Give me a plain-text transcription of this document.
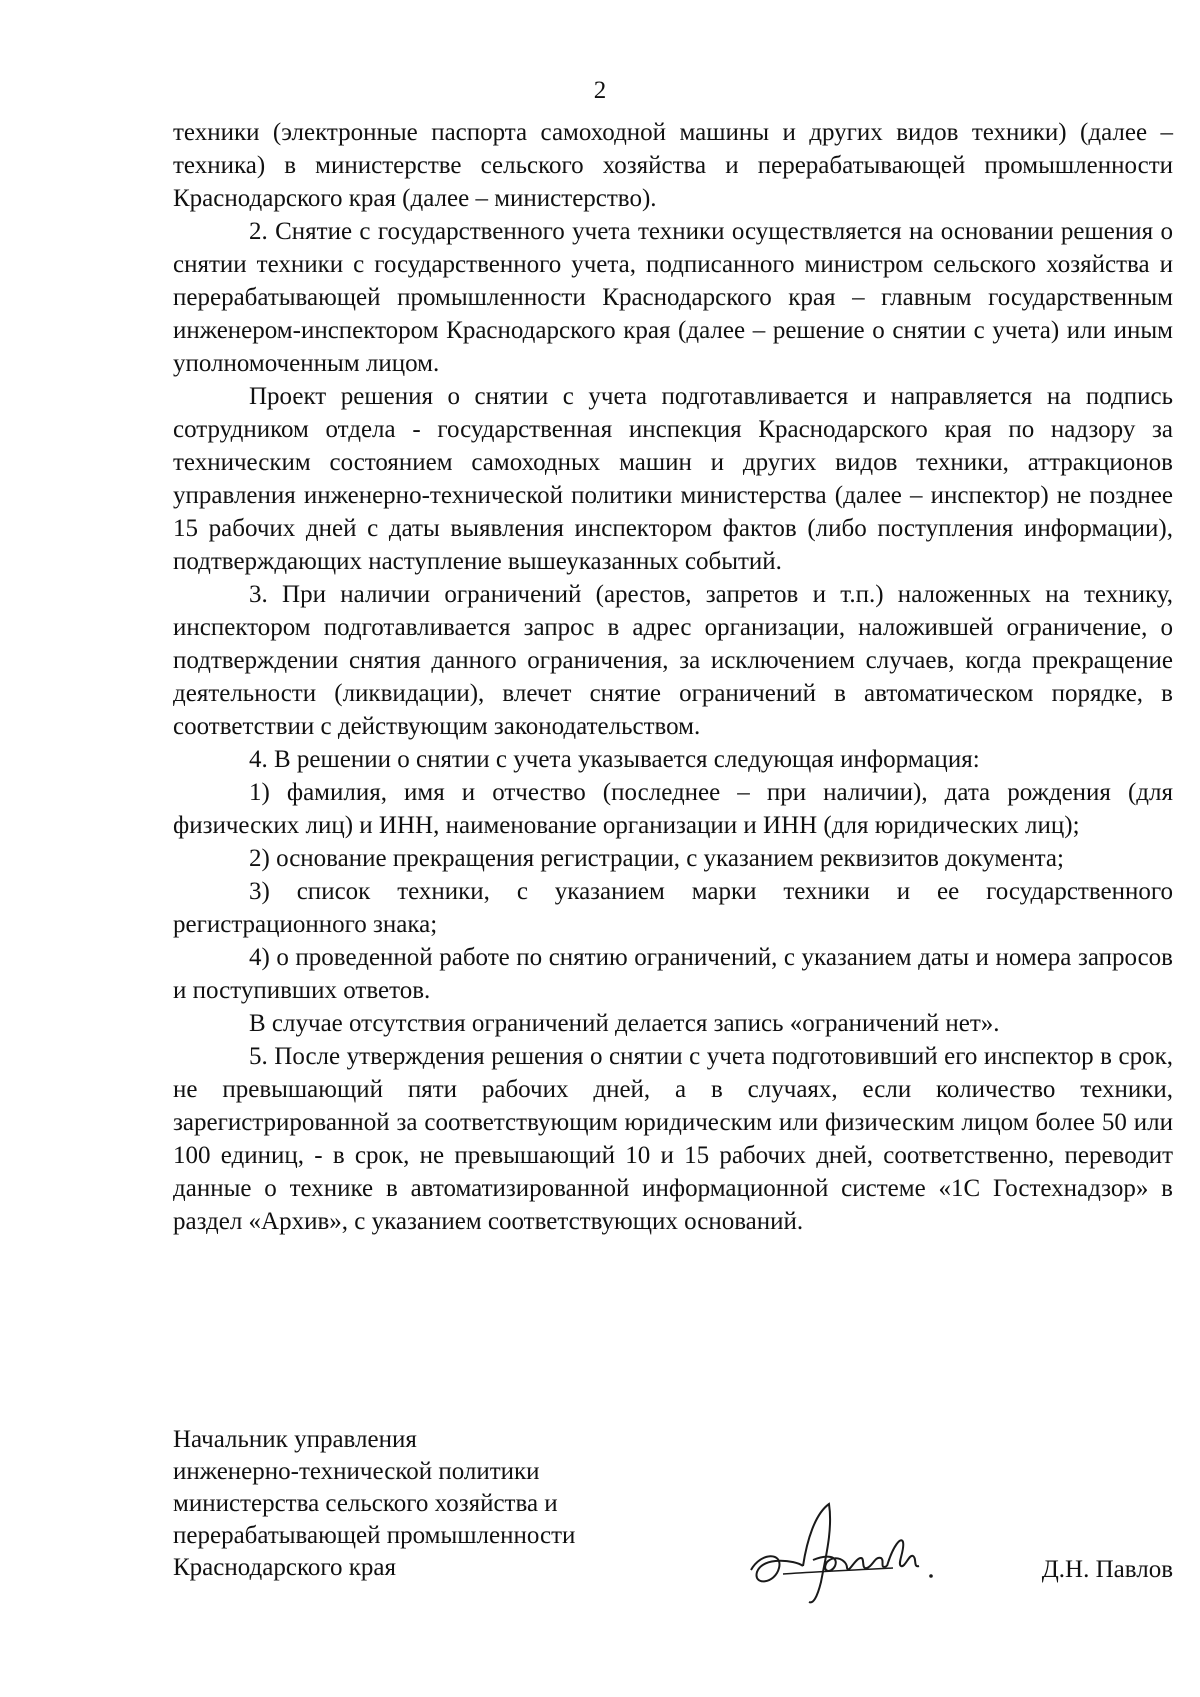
2

техники (электронные паспорта самоходной машины и других видов техники) (далее – техника) в министерстве сельского хозяйства и перерабатывающей промышленности Краснодарского края (далее – министерство).

2. Снятие с государственного учета техники осуществляется на основании решения о снятии техники с государственного учета, подписанного министром сельского хозяйства и перерабатывающей промышленности Краснодарского края – главным государственным инженером-инспектором Краснодарского края (далее – решение о снятии с учета) или иным уполномоченным лицом.

Проект решения о снятии с учета подготавливается и направляется на подпись сотрудником отдела - государственная инспекция Краснодарского края по надзору за техническим состоянием самоходных машин и других видов техники, аттракционов управления инженерно-технической политики министерства (далее – инспектор) не позднее 15 рабочих дней с даты выявления инспектором фактов (либо поступления информации), подтверждающих наступление вышеуказанных событий.

3. При наличии ограничений (арестов, запретов и т.п.) наложенных на технику, инспектором подготавливается запрос в адрес организации, наложившей ограничение, о подтверждении снятия данного ограничения, за исключением случаев, когда прекращение деятельности (ликвидации), влечет снятие ограничений в автоматическом порядке, в соответствии с действующим законодательством.

4. В решении о снятии с учета указывается следующая информация:

1) фамилия, имя и отчество (последнее – при наличии), дата рождения (для физических лиц) и ИНН, наименование организации и ИНН (для юридических лиц);

2) основание прекращения регистрации, с указанием реквизитов документа;

3) список техники, с указанием марки техники и ее государственного регистрационного знака;

4) о проведенной работе по снятию ограничений, с указанием даты и номера запросов и поступивших ответов.

В случае отсутствия ограничений делается запись «ограничений нет».

5. После утверждения решения о снятии с учета подготовивший его инспектор в срок, не превышающий пяти рабочих дней, а в случаях, если количество техники, зарегистрированной за соответствующим юридическим или физическим лицом более 50 или 100 единиц, - в срок, не превышающий 10 и 15 рабочих дней, соответственно, переводит данные о технике в автоматизированной информационной системе «1С Гостехнадзор» в раздел «Архив», с указанием соответствующих оснований.

Начальник управления
инженерно-технической политики
министерства сельского хозяйства и
перерабатывающей промышленности
Краснодарского края	Д.Н. Павлов
